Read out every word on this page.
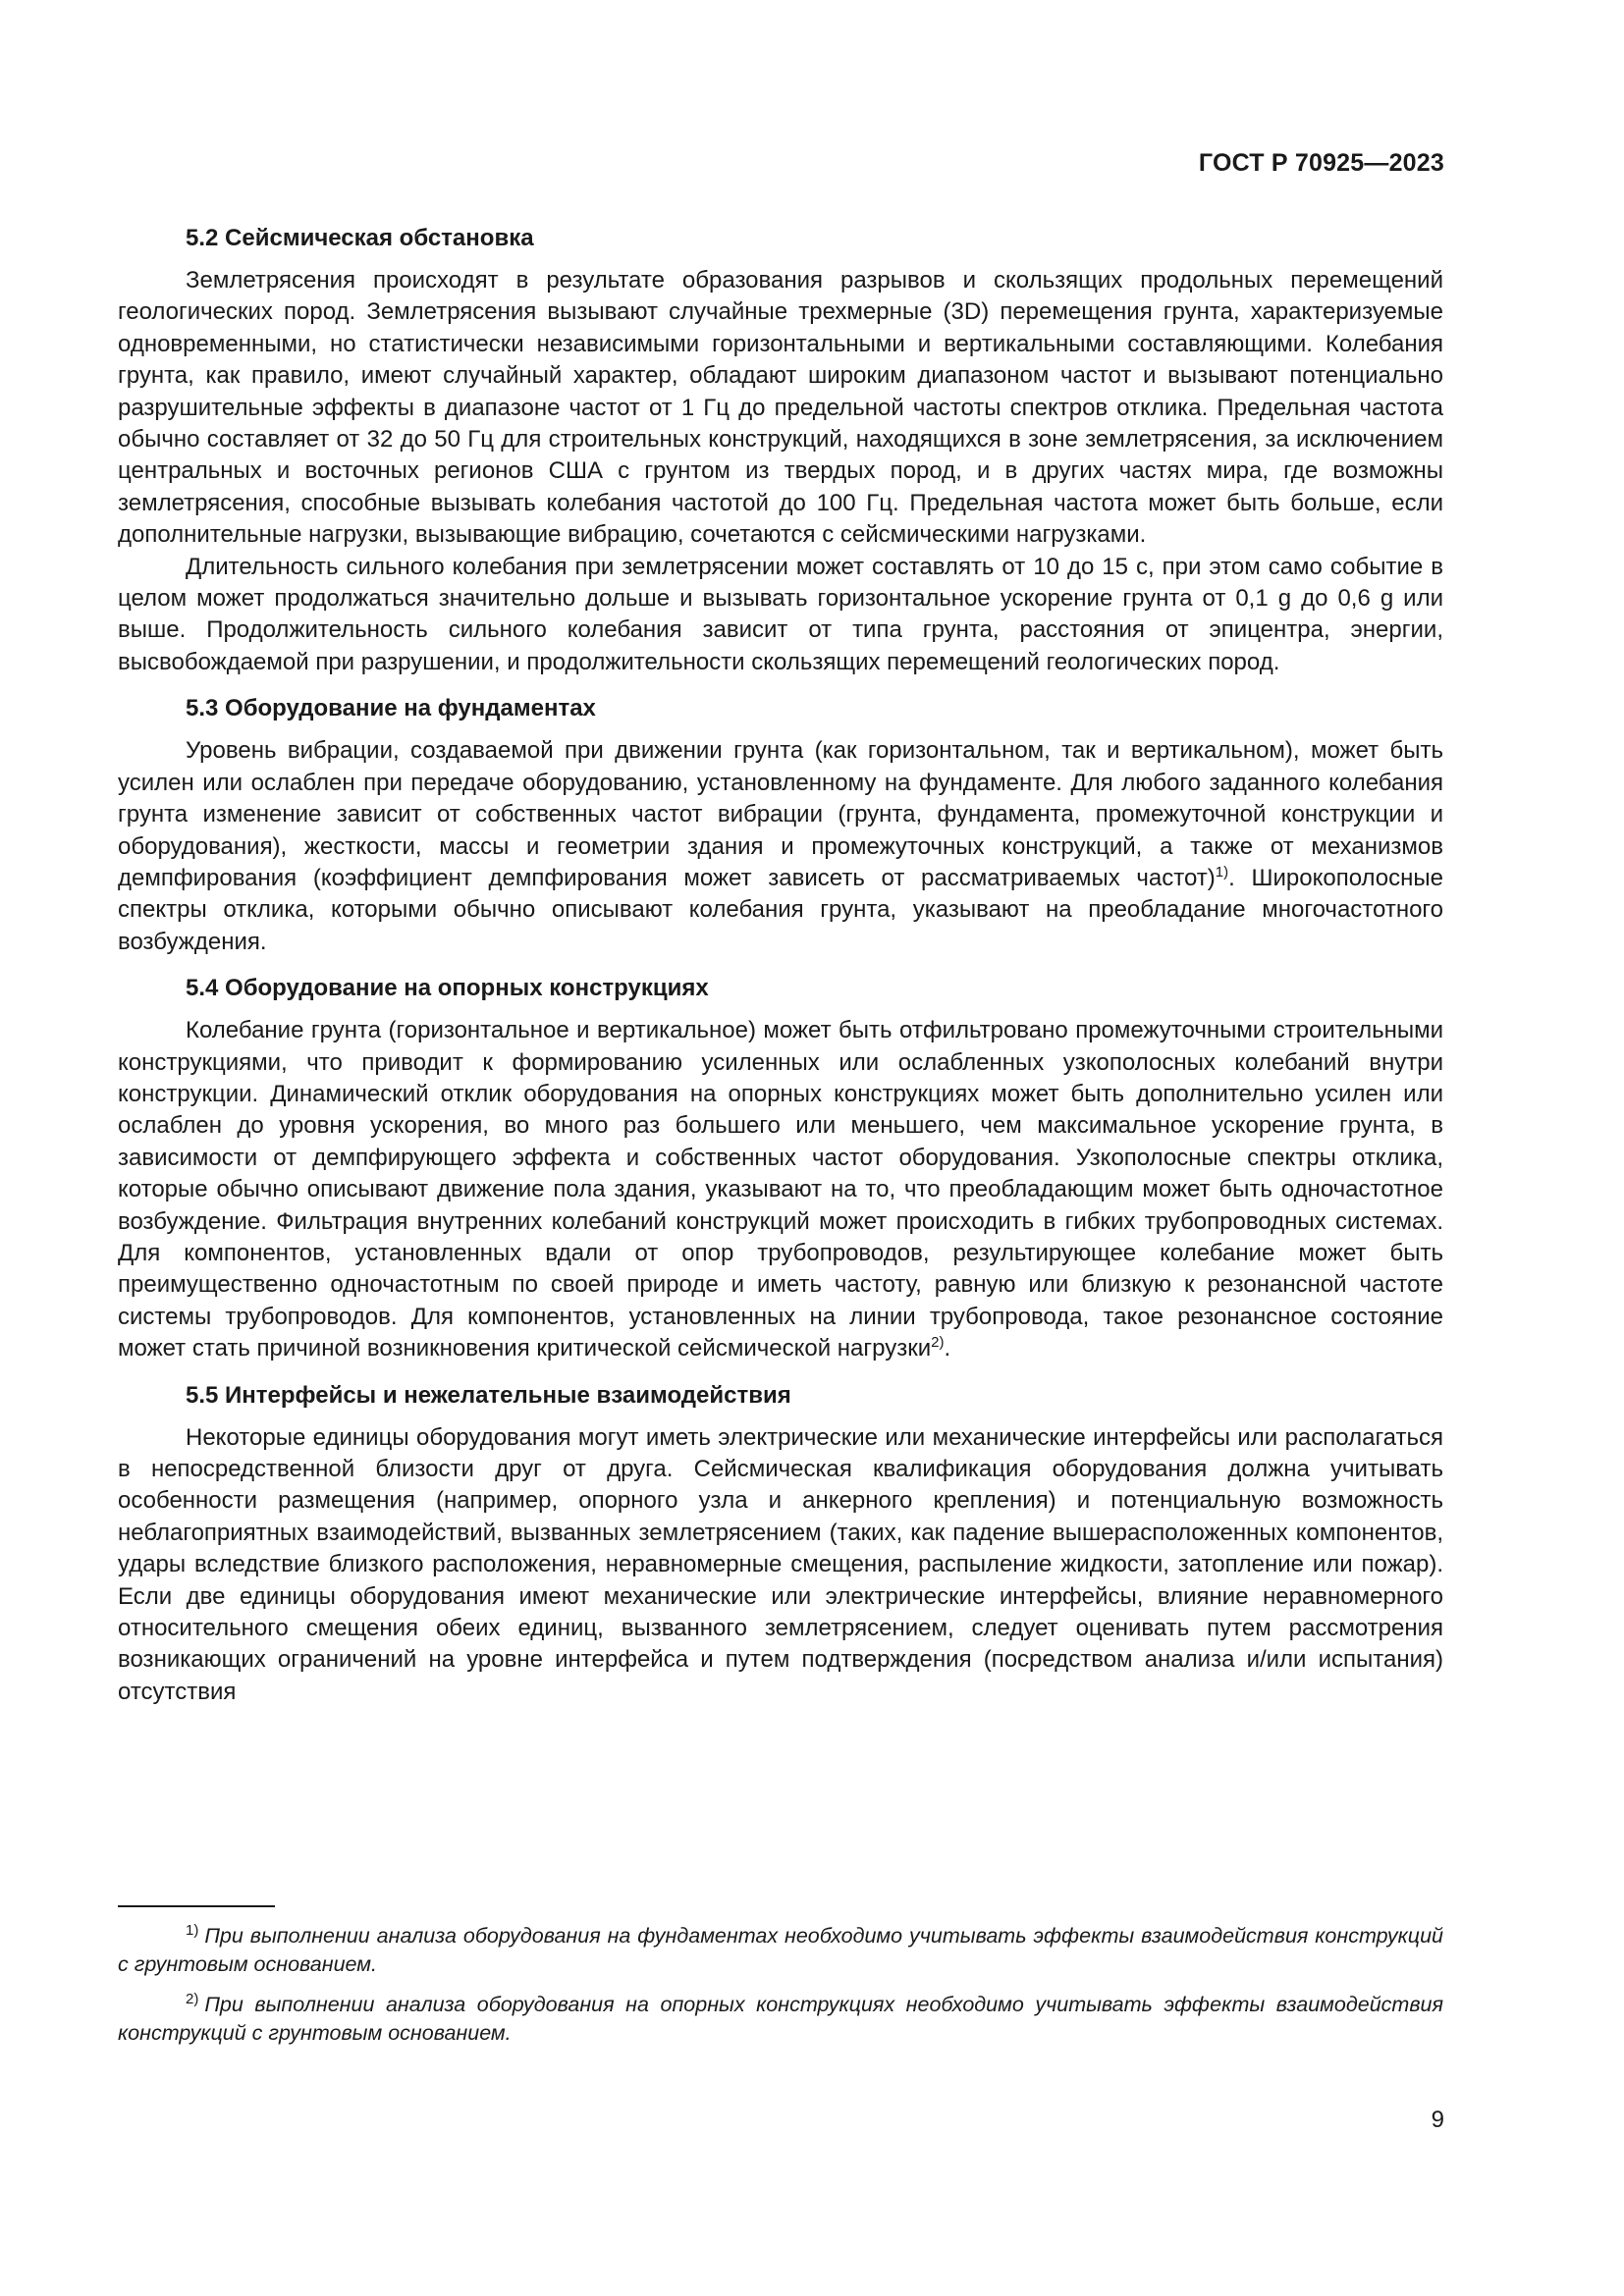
ГОСТ Р 70925—2023

5.2 Сейсмическая обстановка

Землетрясения происходят в результате образования разрывов и скользящих продольных перемещений геологических пород. Землетрясения вызывают случайные трехмерные (3D) перемещения грунта, характеризуемые одновременными, но статистически независимыми горизонтальными и вертикальными составляющими. Колебания грунта, как правило, имеют случайный характер, обладают широким диапазоном частот и вызывают потенциально разрушительные эффекты в диапазоне частот от 1 Гц до предельной частоты спектров отклика. Предельная частота обычно составляет от 32 до 50 Гц для строительных конструкций, находящихся в зоне землетрясения, за исключением центральных и восточных регионов США с грунтом из твердых пород, и в других частях мира, где возможны землетрясения, способные вызывать колебания частотой до 100 Гц. Предельная частота может быть больше, если дополнительные нагрузки, вызывающие вибрацию, сочетаются с сейсмическими нагрузками.

Длительность сильного колебания при землетрясении может составлять от 10 до 15 с, при этом само событие в целом может продолжаться значительно дольше и вызывать горизонтальное ускорение грунта от 0,1 g до 0,6 g или выше. Продолжительность сильного колебания зависит от типа грунта, расстояния от эпицентра, энергии, высвобождаемой при разрушении, и продолжительности скользящих перемещений геологических пород.

5.3 Оборудование на фундаментах

Уровень вибрации, создаваемой при движении грунта (как горизонтальном, так и вертикальном), может быть усилен или ослаблен при передаче оборудованию, установленному на фундаменте. Для любого заданного колебания грунта изменение зависит от собственных частот вибрации (грунта, фундамента, промежуточной конструкции и оборудования), жесткости, массы и геометрии здания и промежуточных конструкций, а также от механизмов демпфирования (коэффициент демпфирования может зависеть от рассматриваемых частот)$^{1)}$. Широкополосные спектры отклика, которыми обычно описывают колебания грунта, указывают на преобладание многочастотного возбуждения.

5.4 Оборудование на опорных конструкциях

Колебание грунта (горизонтальное и вертикальное) может быть отфильтровано промежуточными строительными конструкциями, что приводит к формированию усиленных или ослабленных узкополосных колебаний внутри конструкции. Динамический отклик оборудования на опорных конструкциях может быть дополнительно усилен или ослаблен до уровня ускорения, во много раз большего или меньшего, чем максимальное ускорение грунта, в зависимости от демпфирующего эффекта и собственных частот оборудования. Узкополосные спектры отклика, которые обычно описывают движение пола здания, указывают на то, что преобладающим может быть одночастотное возбуждение. Фильтрация внутренних колебаний конструкций может происходить в гибких трубопроводных системах. Для компонентов, установленных вдали от опор трубопроводов, результирующее колебание может быть преимущественно одночастотным по своей природе и иметь частоту, равную или близкую к резонансной частоте системы трубопроводов. Для компонентов, установленных на линии трубопровода, такое резонансное состояние может стать причиной возникновения критической сейсмической нагрузки$^{2)}$.

5.5 Интерфейсы и нежелательные взаимодействия

Некоторые единицы оборудования могут иметь электрические или механические интерфейсы или располагаться в непосредственной близости друг от друга. Сейсмическая квалификация оборудования должна учитывать особенности размещения (например, опорного узла и анкерного крепления) и потенциальную возможность неблагоприятных взаимодействий, вызванных землетрясением (таких, как падение вышерасположенных компонентов, удары вследствие близкого расположения, неравномерные смещения, распыление жидкости, затопление или пожар). Если две единицы оборудования имеют механические или электрические интерфейсы, влияние неравномерного относительного смещения обеих единиц, вызванного землетрясением, следует оценивать путем рассмотрения возникающих ограничений на уровне интерфейса и путем подтверждения (посредством анализа и/или испытания) отсутствия

$^{1)}$ При выполнении анализа оборудования на фундаментах необходимо учитывать эффекты взаимодействия конструкций с грунтовым основанием.

$^{2)}$ При выполнении анализа оборудования на опорных конструкциях необходимо учитывать эффекты взаимодействия конструкций с грунтовым основанием.

9
